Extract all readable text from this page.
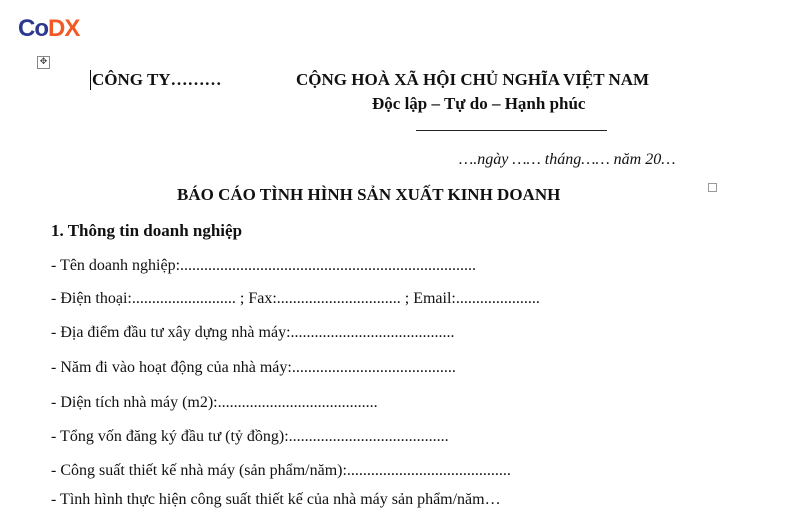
CoDX
✥
CÔNG TY………	CỘNG HOÀ XÃ HỘI CHỦ NGHĨA VIỆT NAM
Độc lập – Tự do – Hạnh phúc
….ngày …… tháng…… năm 20…
BÁO CÁO TÌNH HÌNH SẢN XUẤT KINH DOANH
1. Thông tin doanh nghiệp
- Tên doanh nghiệp:..........................................................................
- Điện thoại:.......................... ; Fax:............................... ; Email:.....................
- Địa điểm đầu tư xây dựng nhà máy:.........................................
- Năm đi vào hoạt động của nhà máy:.........................................
- Diện tích nhà máy (m2):........................................
- Tổng vốn đăng ký đầu tư (tỷ đồng):........................................
- Công suất thiết kế nhà máy (sản phẩm/năm):.........................................
- Tình hình thực hiện công suất thiết kế của nhà máy sản phẩm/năm…
